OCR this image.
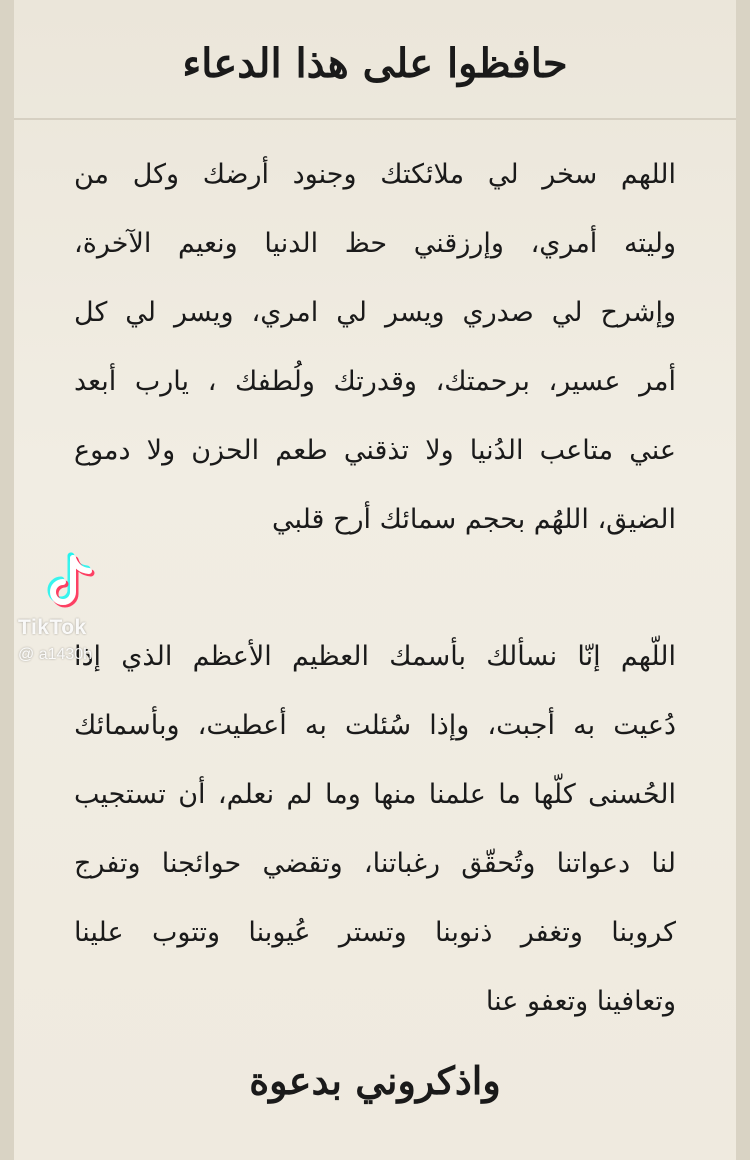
حافظوا على هذا الدعاء
اللهم سخر لي ملائكتك وجنود أرضك وكل من
وليته أمري، وإرزقني حظ الدنيا ونعيم الآخرة،
وإشرح لي صدري ويسر لي امري، ويسر لي كل
أمر عسير، برحمتك، وقدرتك ولُطفك ، يارب أبعد
عني متاعب الدُنيا ولا تذقني طعم الحزن ولا دموع
الضيق، اللهُم بحجم سمائك أرح قلبي
اللّهم إنّا نسألك بأسمك العظيم الأعظم الذي إذا
دُعيت به أجبت، وإذا سُئلت به أعطيت، وبأسمائك
الحُسنى كلّها ما علمنا منها وما لم نعلم، أن تستجيب
لنا دعواتنا وتُحقّق رغباتنا، وتقضي حوائجنا وتفرج
كروبنا وتغفر ذنوبنا وتستر عُيوبنا وتتوب علينا
وتعافينا وتعفو عنا
واذكروني بدعوة
TikTok
@ a1430h
